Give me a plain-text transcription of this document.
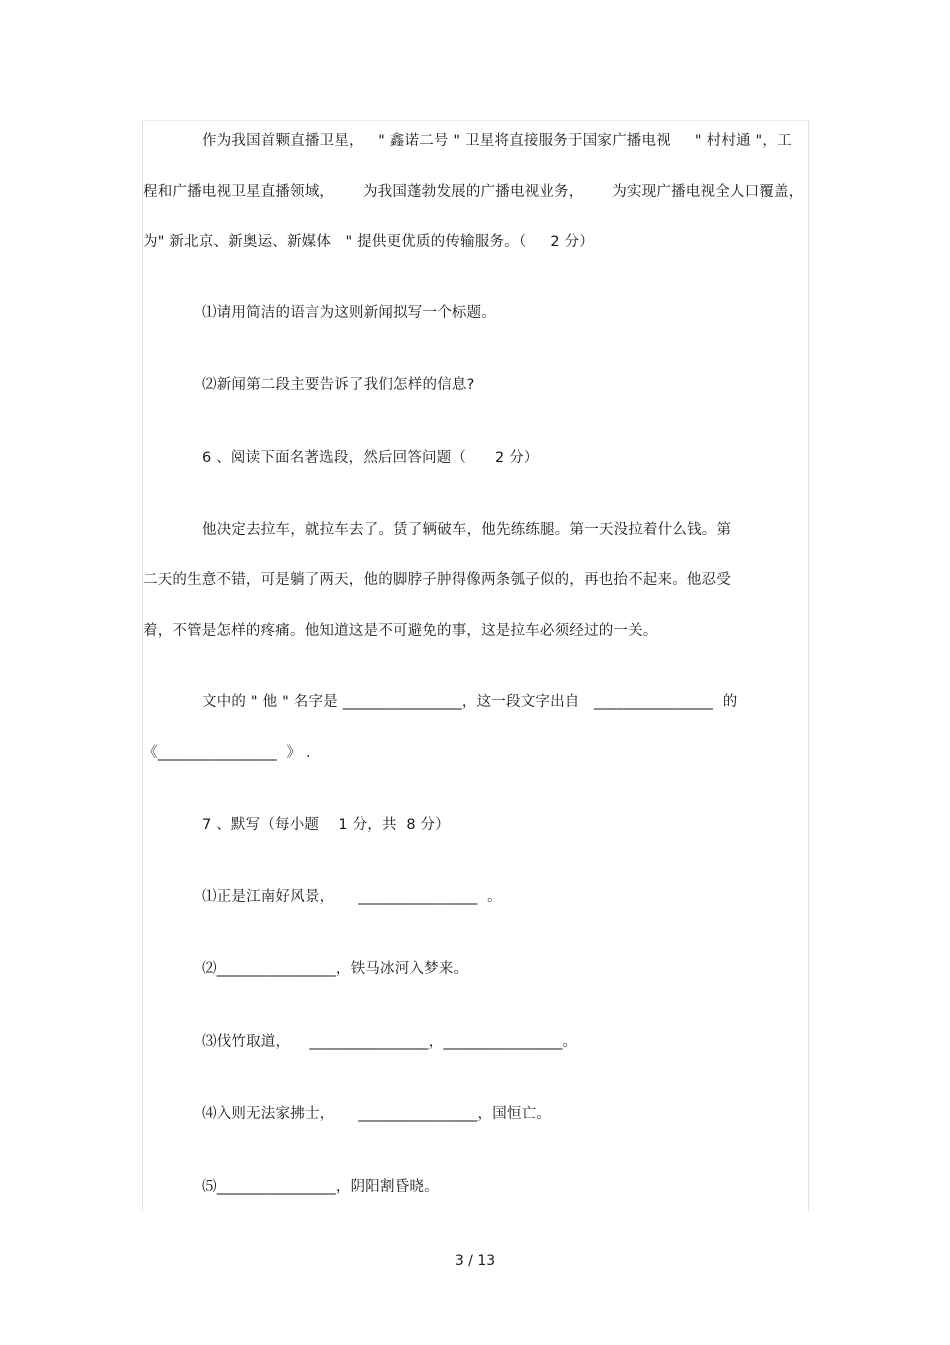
作为我国首颗直播卫星，   " 鑫诺二号 " 卫星将直接服务于国家广播电视     " 村村通 "，工
程和广播电视卫星直播领域，      为我国蓬勃发展的广播电视业务，      为实现广播电视全人口覆盖，
为" 新北京、新奥运、新媒体   " 提供更优质的传输服务。（     2 分）
⑴请用简洁的语言为这则新闻拟写一个标题。
⑵新闻第二段主要告诉了我们怎样的信息?
6 、阅读下面名著选段，然后回答问题（      2 分）
他决定去拉车，就拉车去了。赁了辆破车，他先练练腿。第一天没拉着什么钱。第
二天的生意不错，可是躺了两天，他的脚脖子肿得像两条瓠子似的，再也抬不起来。他忍受
着，不管是怎样的疼痛。他知道这是不可避免的事，这是拉车必须经过的一关。
文中的 " 他 " 名字是 ________________，这一段文字出自   ________________  的
《________________  》 .
7 、默写（每小题    1 分，共  8 分）
⑴正是江南好风景，     ________________  。
⑵________________，铁马冰河入梦来。
⑶伐竹取道，    ________________，________________。
⑷入则无法家拂士，     ________________，国恒亡。
⑸________________，阴阳割昏晓。
3 / 13
